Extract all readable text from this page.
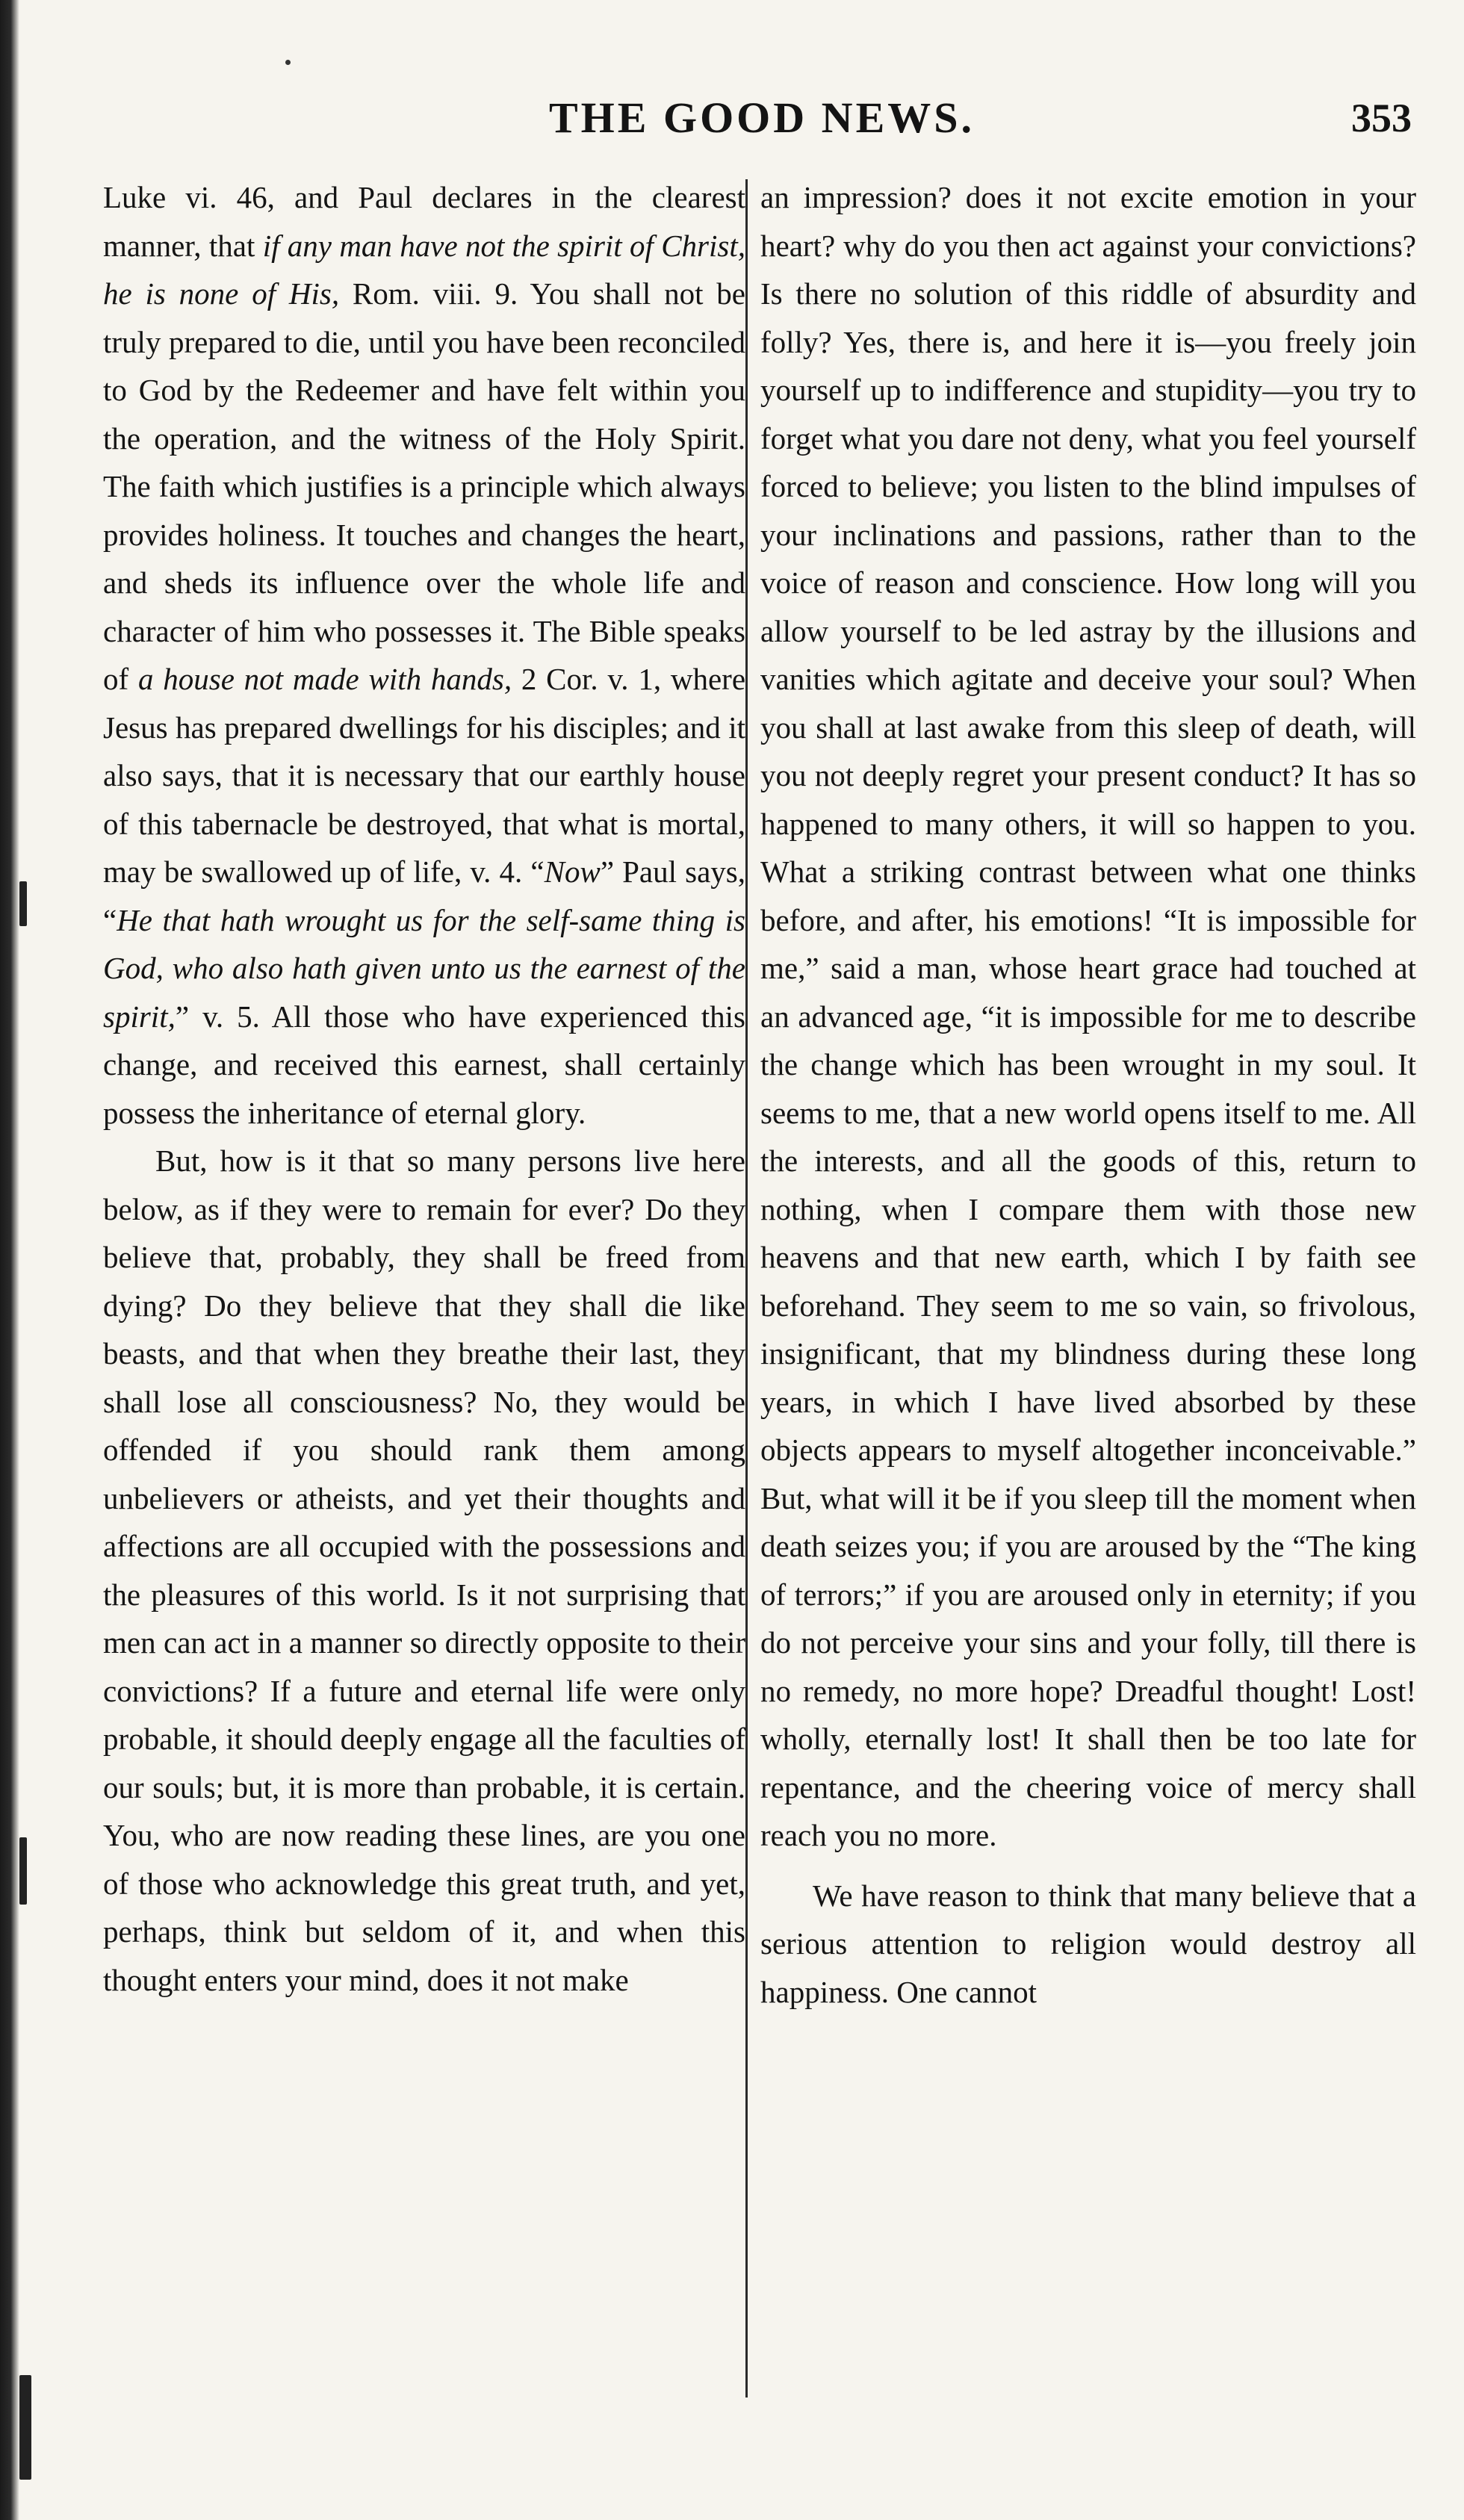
THE GOOD NEWS.	353

Luke vi. 46, and Paul declares in the clearest manner, that if any man have not the spirit of Christ, he is none of His, Rom. viii. 9. You shall not be truly prepared to die, until you have been reconciled to God by the Redeemer and have felt within you the operation, and the witness of the Holy Spirit. The faith which justifies is a principle which always provides holiness. It touches and changes the heart, and sheds its influence over the whole life and character of him who possesses it. The Bible speaks of a house not made with hands, 2 Cor. v. 1, where Jesus has prepared dwellings for his disciples; and it also says, that it is necessary that our earthly house of this tabernacle be destroyed, that what is mortal, may be swallowed up of life, v. 4. “Now” Paul says, “He that hath wrought us for the self-same thing is God, who also hath given unto us the earnest of the spirit,” v. 5. All those who have experienced this change, and received this earnest, shall certainly possess the inheritance of eternal glory.

But, how is it that so many persons live here below, as if they were to remain for ever? Do they believe that, probably, they shall be freed from dying? Do they believe that they shall die like beasts, and that when they breathe their last, they shall lose all consciousness? No, they would be offended if you should rank them among unbelievers or atheists, and yet their thoughts and affections are all occupied with the possessions and the pleasures of this world. Is it not surprising that men can act in a manner so directly opposite to their convictions? If a future and eternal life were only probable, it should deeply engage all the faculties of our souls; but, it is more than probable, it is certain. You, who are now reading these lines, are you one of those who acknowledge this great truth, and yet, perhaps, think but seldom of it, and when this thought enters your mind, does it not make

an impression? does it not excite emotion in your heart? why do you then act against your convictions? Is there no solution of this riddle of absurdity and folly? Yes, there is, and here it is—you freely join yourself up to indifference and stupidity—you try to forget what you dare not deny, what you feel yourself forced to believe; you listen to the blind impulses of your inclinations and passions, rather than to the voice of reason and conscience. How long will you allow yourself to be led astray by the illusions and vanities which agitate and deceive your soul? When you shall at last awake from this sleep of death, will you not deeply regret your present conduct? It has so happened to many others, it will so happen to you. What a striking contrast between what one thinks before, and after, his emotions! “It is impossible for me,” said a man, whose heart grace had touched at an advanced age, “it is impossible for me to describe the change which has been wrought in my soul. It seems to me, that a new world opens itself to me. All the interests, and all the goods of this, return to nothing, when I compare them with those new heavens and that new earth, which I by faith see beforehand. They seem to me so vain, so frivolous, insignificant, that my blindness during these long years, in which I have lived absorbed by these objects appears to myself altogether inconceivable.” But, what will it be if you sleep till the moment when death seizes you; if you are aroused by the “The king of terrors;” if you are aroused only in eternity; if you do not perceive your sins and your folly, till there is no remedy, no more hope? Dreadful thought! Lost! wholly, eternally lost! It shall then be too late for repentance, and the cheering voice of mercy shall reach you no more.

We have reason to think that many believe that a serious attention to religion would destroy all happiness. One cannot
